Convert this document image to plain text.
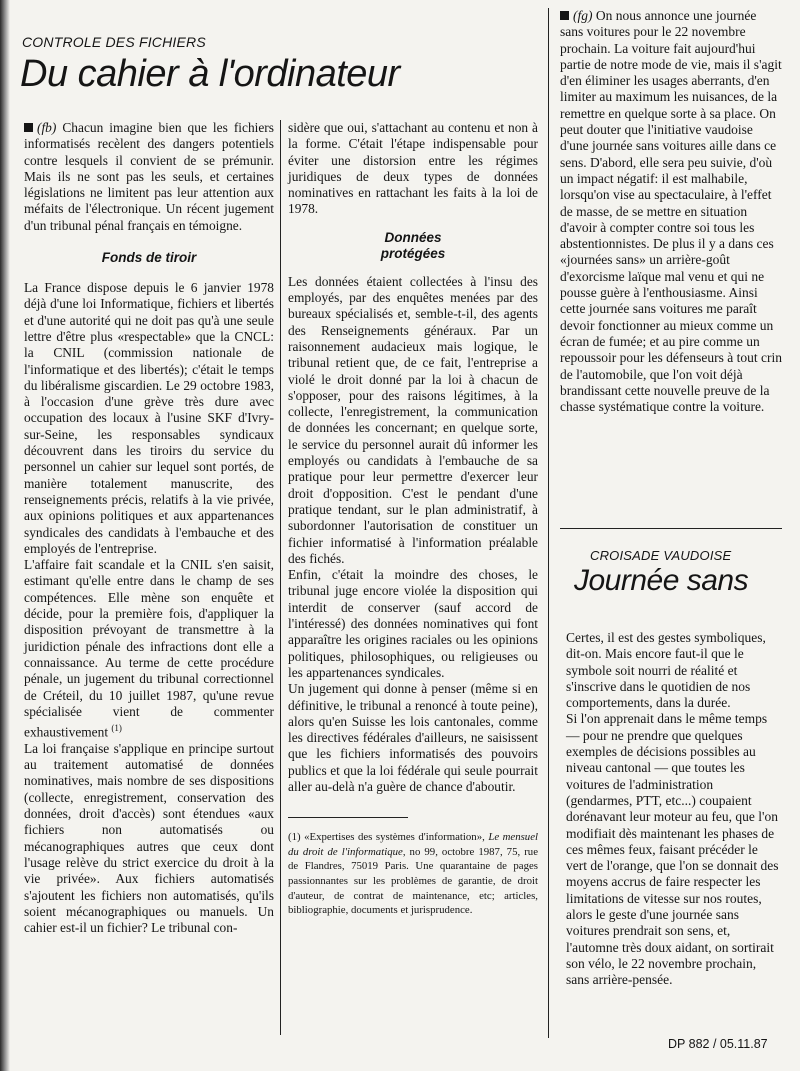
CONTROLE DES FICHIERS
Du cahier à l'ordinateur

(fb) Chacun imagine bien que les fichiers informatisés recèlent des dangers potentiels contre lesquels il convient de se prémunir. Mais ils ne sont pas les seuls, et certaines législations ne limitent pas leur attention aux méfaits de l'électronique. Un récent jugement d'un tribunal pénal français en témoigne.

Fonds de tiroir

La France dispose depuis le 6 janvier 1978 déjà d'une loi Informatique, fichiers et libertés et d'une autorité qui ne doit pas qu'à une seule lettre d'être plus «respectable» que la CNCL: la CNIL (commission nationale de l'informatique et des libertés); c'était le temps du libéralisme giscardien. Le 29 octobre 1983, à l'occasion d'une grève très dure avec occupation des locaux à l'usine SKF d'Ivry-sur-Seine, les responsables syndicaux découvrent dans les tiroirs du service du personnel un cahier sur lequel sont portés, de manière totalement manuscrite, des renseignements précis, relatifs à la vie privée, aux opinions politiques et aux appartenances syndicales des candidats à l'embauche et des employés de l'entreprise.

L'affaire fait scandale et la CNIL s'en saisit, estimant qu'elle entre dans le champ de ses compétences. Elle mène son enquête et décide, pour la première fois, d'appliquer la disposition prévoyant de transmettre à la juridiction pénale des infractions dont elle a connaissance. Au terme de cette procédure pénale, un jugement du tribunal correctionnel de Créteil, du 10 juillet 1987, qu'une revue spécialisée vient de commenter exhaustivement $^{(1)}$

La loi française s'applique en principe surtout au traitement automatisé de données nominatives, mais nombre de ses dispositions (collecte, enregistrement, conservation des données, droit d'accès) sont étendues «aux fichiers non automatisés ou mécanographiques autres que ceux dont l'usage relève du strict exercice du droit à la vie privée». Aux fichiers automatisés s'ajoutent les fichiers non automatisés, qu'ils soient mécanographiques ou manuels. Un cahier est-il un fichier? Le tribunal con-

sidère que oui, s'attachant au contenu et non à la forme. C'était l'étape indispensable pour éviter une distorsion entre les régimes juridiques de deux types de données nominatives en rattachant les faits à la loi de 1978.

Données
protégées

Les données étaient collectées à l'insu des employés, par des enquêtes menées par des bureaux spécialisés et, semble-t-il, des agents des Renseignements généraux. Par un raisonnement audacieux mais logique, le tribunal retient que, de ce fait, l'entreprise a violé le droit donné par la loi à chacun de s'opposer, pour des raisons légitimes, à la collecte, l'enregistrement, la communication de données les concernant; en quelque sorte, le service du personnel aurait dû informer les employés ou candidats à l'embauche de sa pratique pour leur permettre d'exercer leur droit d'opposition. C'est le pendant d'une pratique tendant, sur le plan administratif, à subordonner l'autorisation de constituer un fichier informatisé à l'information préalable des fichés.

Enfin, c'était la moindre des choses, le tribunal juge encore violée la disposition qui interdit de conserver (sauf accord de l'intéressé) des données nominatives qui font apparaître les origines raciales ou les opinions politiques, philosophiques, ou religieuses ou les appartenances syndicales.

Un jugement qui donne à penser (même si en définitive, le tribunal a renoncé à toute peine), alors qu'en Suisse les lois cantonales, comme les directives fédérales d'ailleurs, ne saisissent que les fichiers informatisés des pouvoirs publics et que la loi fédérale qui seule pourrait aller au-delà n'a guère de chance d'aboutir.

(1) «Expertises des systèmes d'information», Le mensuel du droit de l'informatique, no 99, octobre 1987, 75, rue de Flandres, 75019 Paris. Une quarantaine de pages passionnantes sur les problèmes de garantie, de droit d'auteur, de contrat de maintenance, etc; articles, bibliographie, documents et jurisprudence.

(fg) On nous annonce une journée sans voitures pour le 22 novembre prochain. La voiture fait aujourd'hui partie de notre mode de vie, mais il s'agit d'en éliminer les usages aberrants, d'en limiter au maximum les nuisances, de la remettre en quelque sorte à sa place. On peut douter que l'initiative vaudoise d'une journée sans voitures aille dans ce sens. D'abord, elle sera peu suivie, d'où un impact négatif: il est malhabile, lorsqu'on vise au spectaculaire, à l'effet de masse, de se mettre en situation d'avoir à compter contre soi tous les abstentionnistes. De plus il y a dans ces «journées sans» un arrière-goût d'exorcisme laïque mal venu et qui ne pousse guère à l'enthousiasme. Ainsi cette journée sans voitures me paraît devoir fonctionner au mieux comme un écran de fumée; et au pire comme un repoussoir pour les défenseurs à tout crin de l'automobile, que l'on voit déjà brandissant cette nouvelle preuve de la chasse systématique contre la voiture.

CROISADE VAUDOISE
Journée sans

Certes, il est des gestes symboliques, dit-on. Mais encore faut-il que le symbole soit nourri de réalité et s'inscrive dans le quotidien de nos comportements, dans la durée.

Si l'on apprenait dans le même temps — pour ne prendre que quelques exemples de décisions possibles au niveau cantonal — que toutes les voitures de l'administration (gendarmes, PTT, etc...) coupaient dorénavant leur moteur au feu, que l'on modifiait dès maintenant les phases de ces mêmes feux, faisant précéder le vert de l'orange, que l'on se donnait des moyens accrus de faire respecter les limitations de vitesse sur nos routes, alors le geste d'une journée sans voitures prendrait son sens, et, l'automne très doux aidant, on sortirait son vélo, le 22 novembre prochain, sans arrière-pensée.

DP 882 / 05.11.87
